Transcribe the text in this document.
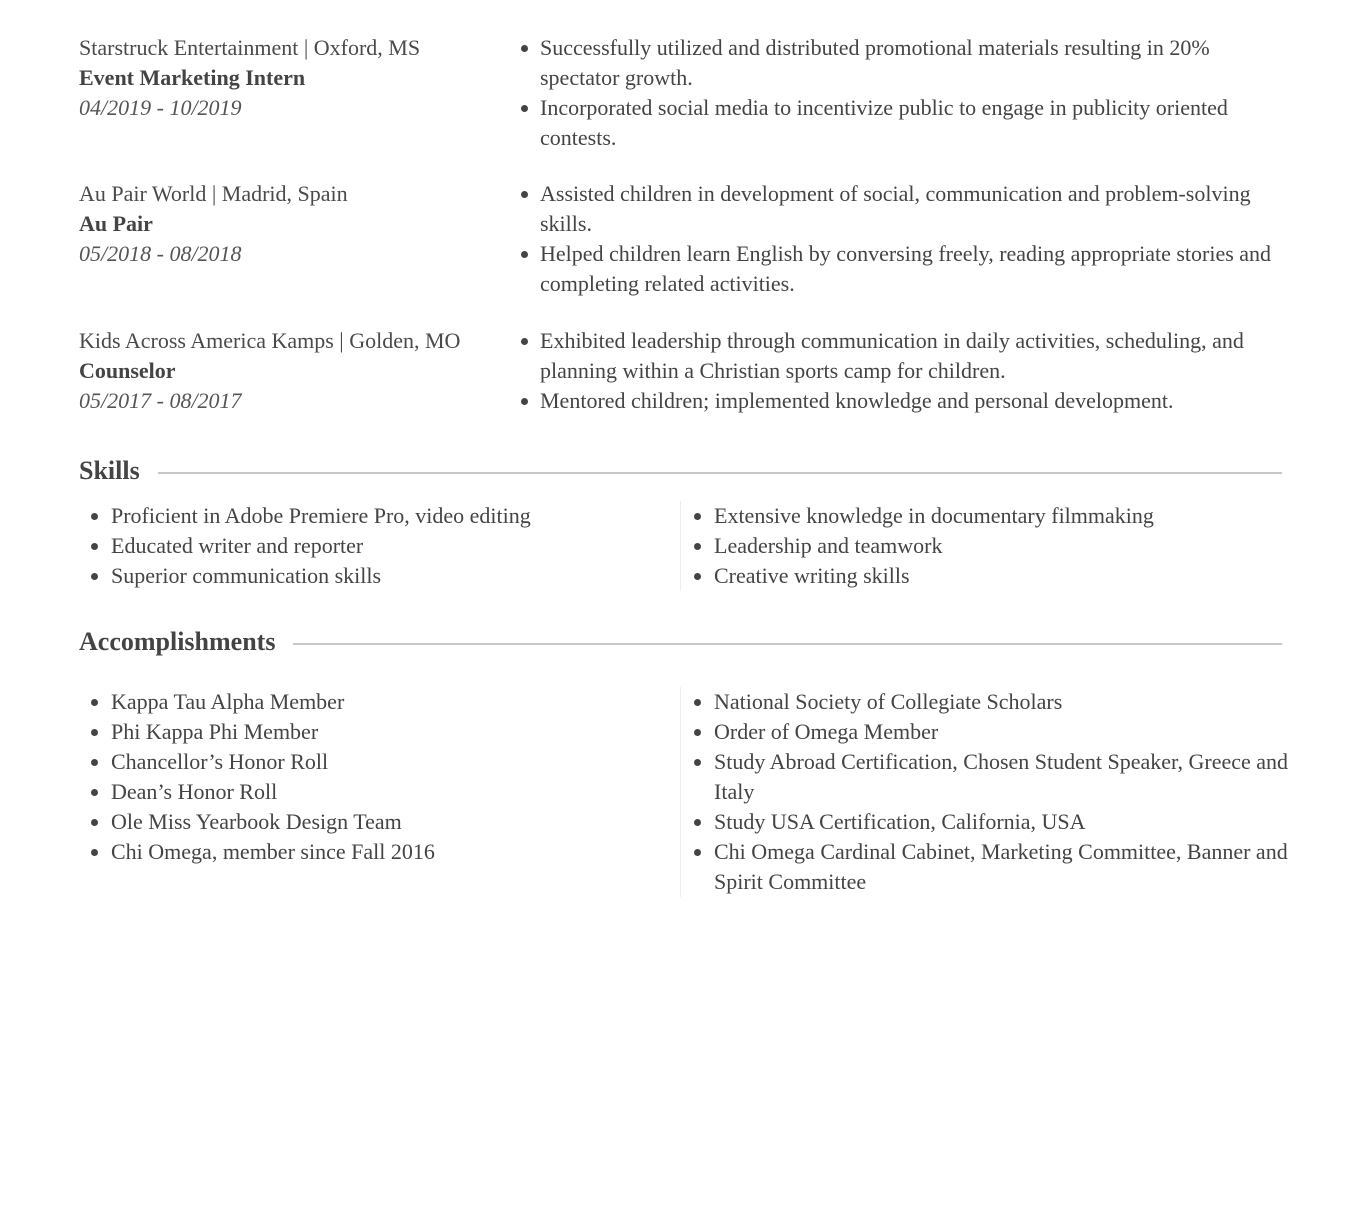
Starstruck Entertainment | Oxford, MS
Event Marketing Intern
04/2019 - 10/2019
Successfully utilized and distributed promotional materials resulting in 20% spectator growth.
Incorporated social media to incentivize public to engage in publicity oriented contests.
Au Pair World | Madrid, Spain
Au Pair
05/2018 - 08/2018
Assisted children in development of social, communication and problem-solving skills.
Helped children learn English by conversing freely, reading appropriate stories and completing related activities.
Kids Across America Kamps | Golden, MO
Counselor
05/2017 - 08/2017
Exhibited leadership through communication in daily activities, scheduling, and planning within a Christian sports camp for children.
Mentored children; implemented knowledge and personal development.
Skills
Proficient in Adobe Premiere Pro, video editing
Educated writer and reporter
Superior communication skills
Extensive knowledge in documentary filmmaking
Leadership and teamwork
Creative writing skills
Accomplishments
Kappa Tau Alpha Member
Phi Kappa Phi Member
Chancellor’s Honor Roll
Dean’s Honor Roll
Ole Miss Yearbook Design Team
Chi Omega, member since Fall 2016
National Society of Collegiate Scholars
Order of Omega Member
Study Abroad Certification, Chosen Student Speaker, Greece and Italy
Study USA Certification, California, USA
Chi Omega Cardinal Cabinet, Marketing Committee, Banner and Spirit Committee
